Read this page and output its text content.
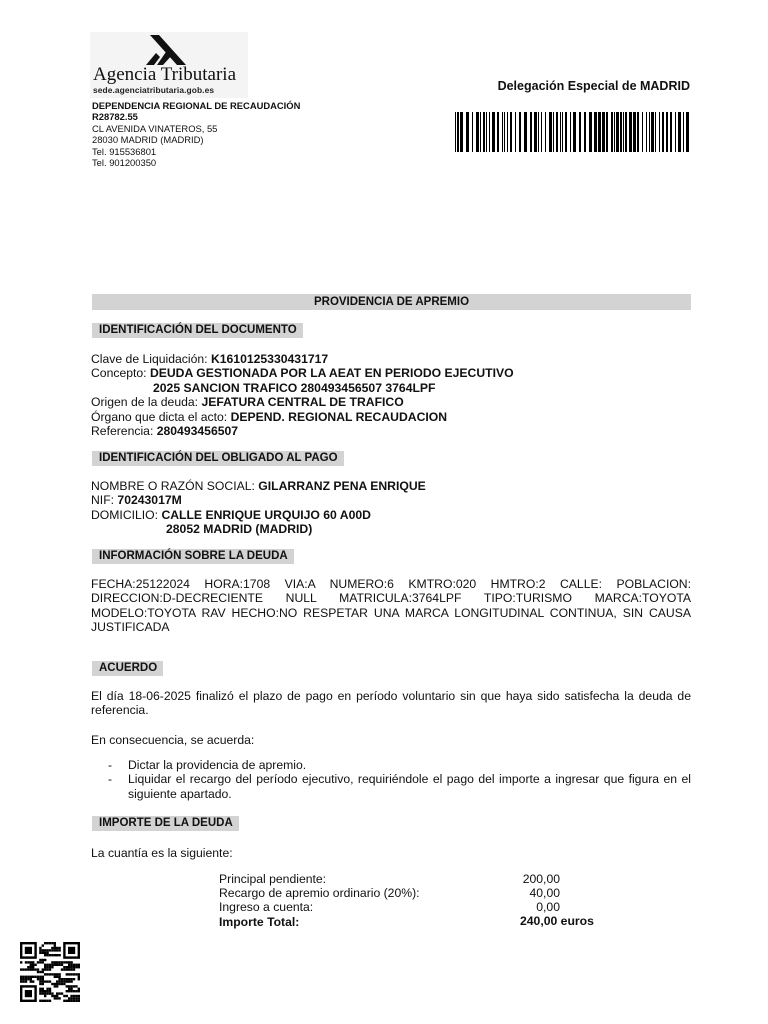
Agencia Tributaria
sede.agenciatributaria.gob.es	Delegación Especial de MADRID
DEPENDENCIA REGIONAL DE RECAUDACIÓN
R28782.55
CL AVENIDA VINATEROS, 55
28030 MADRID (MADRID)
Tel. 915536801
Tel. 901200350
PROVIDENCIA DE APREMIO
IDENTIFICACIÓN DEL DOCUMENTO
Clave de Liquidación: K1610125330431717
Concepto: DEUDA GESTIONADA POR LA AEAT EN PERIODO EJECUTIVO
2025 SANCION TRAFICO 280493456507 3764LPF
Origen de la deuda: JEFATURA CENTRAL DE TRAFICO
Órgano que dicta el acto: DEPEND. REGIONAL RECAUDACION
Referencia: 280493456507
IDENTIFICACIÓN DEL OBLIGADO AL PAGO
NOMBRE O RAZÓN SOCIAL: GILARRANZ PENA ENRIQUE
NIF: 70243017M
DOMICILIO: CALLE ENRIQUE URQUIJO 60 A00D
28052 MADRID (MADRID)
INFORMACIÓN SOBRE LA DEUDA
FECHA:25122024 HORA:1708 VIA:A NUMERO:6 KMTRO:020 HMTRO:2 CALLE: POBLACION: DIRECCION:D-DECRECIENTE NULL MATRICULA:3764LPF TIPO:TURISMO MARCA:TOYOTA MODELO:TOYOTA RAV HECHO:NO RESPETAR UNA MARCA LONGITUDINAL CONTINUA, SIN CAUSA JUSTIFICADA
ACUERDO
El día 18-06-2025 finalizó el plazo de pago en período voluntario sin que haya sido satisfecha la deuda de referencia.
En consecuencia, se acuerda:
- Dictar la providencia de apremio.
- Liquidar el recargo del período ejecutivo, requiriéndole el pago del importe a ingresar que figura en el siguiente apartado.
IMPORTE DE LA DEUDA
La cuantía es la siguiente:
Principal pendiente:
Recargo de apremio ordinario (20%):
Ingreso a cuenta:
Importe Total:
200,00
40,00
0,00
240,00 euros
